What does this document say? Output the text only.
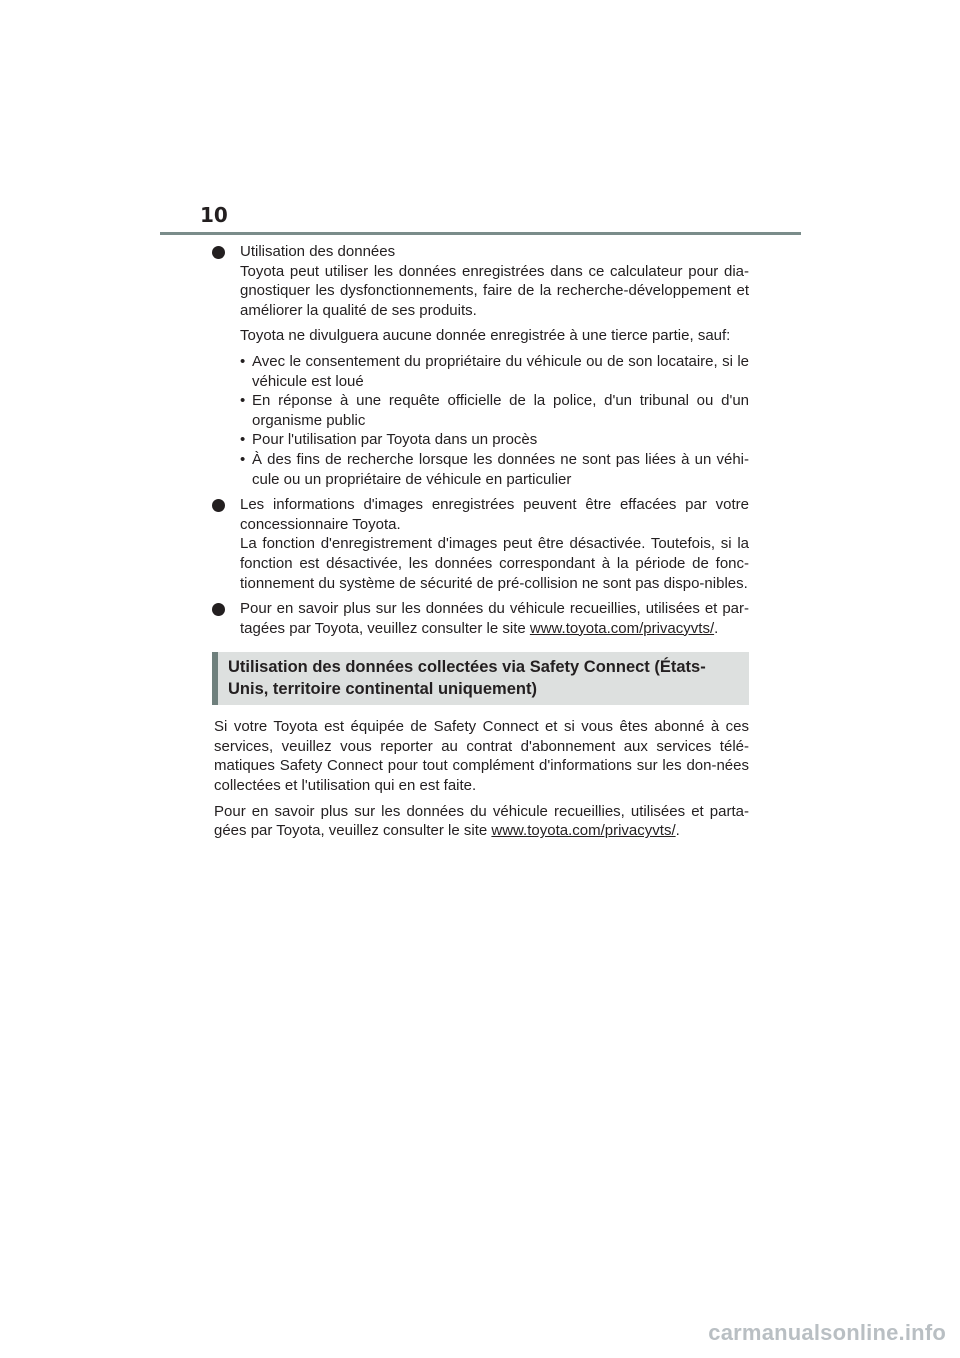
10

Utilisation des données

Toyota peut utiliser les données enregistrées dans ce calculateur pour dia-gnostiquer les dysfonctionnements, faire de la recherche-développement et améliorer la qualité de ses produits.

Toyota ne divulguera aucune donnée enregistrée à une tierce partie, sauf:

• Avec le consentement du propriétaire du véhicule ou de son locataire, si le véhicule est loué
• En réponse à une requête officielle de la police, d'un tribunal ou d'un organisme public
• Pour l'utilisation par Toyota dans un procès
• À des fins de recherche lorsque les données ne sont pas liées à un véhi-cule ou un propriétaire de véhicule en particulier

Les informations d'images enregistrées peuvent être effacées par votre concessionnaire Toyota.

La fonction d'enregistrement d'images peut être désactivée. Toutefois, si la fonction est désactivée, les données correspondant à la période de fonc-tionnement du système de sécurité de pré-collision ne sont pas dispo-nibles.

Pour en savoir plus sur les données du véhicule recueillies, utilisées et par-tagées par Toyota, veuillez consulter le site www.toyota.com/privacyvts/.

Utilisation des données collectées via Safety Connect (États-Unis, territoire continental uniquement)

Si votre Toyota est équipée de Safety Connect et si vous êtes abonné à ces services, veuillez vous reporter au contrat d'abonnement aux services télé-matiques Safety Connect pour tout complément d'informations sur les don-nées collectées et l'utilisation qui en est faite.

Pour en savoir plus sur les données du véhicule recueillies, utilisées et parta-gées par Toyota, veuillez consulter le site www.toyota.com/privacyvts/.

carmanualsonline.info
